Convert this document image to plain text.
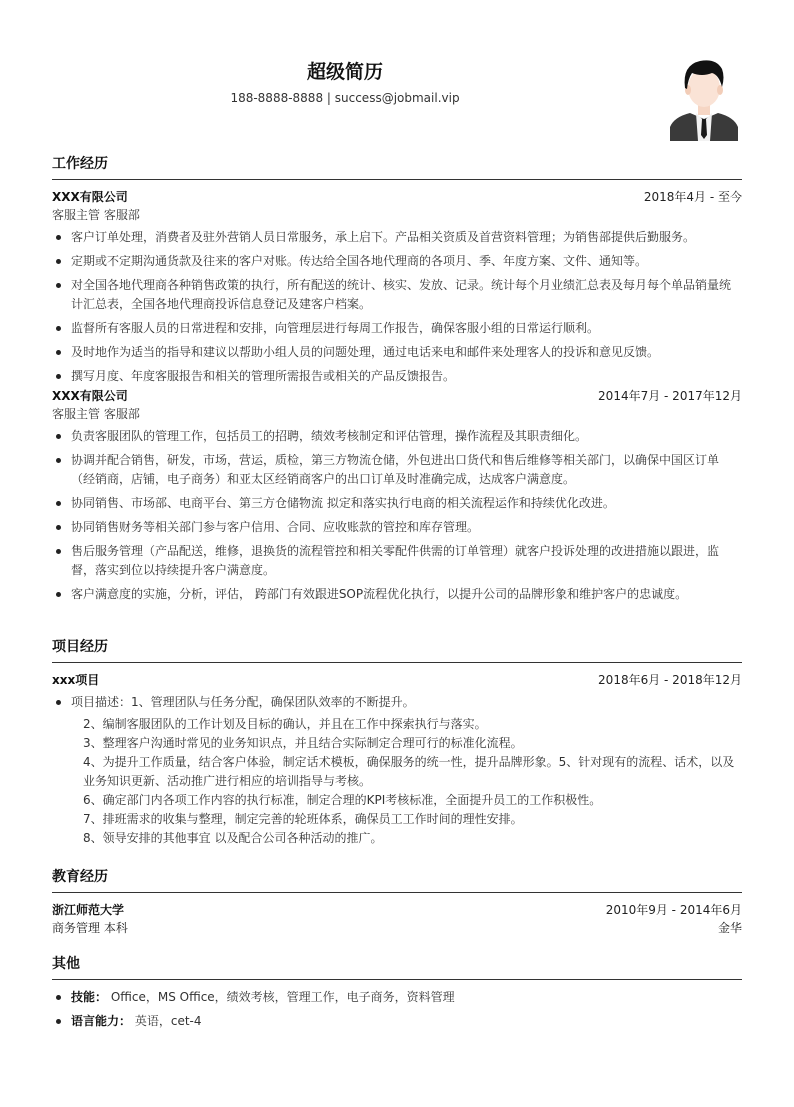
超级简历
188-8888-8888 | success@jobmail.vip
工作经历
XXX有限公司	2018年4月 - 至今
客服主管 客服部
客户订单处理，消费者及驻外营销人员日常服务，承上启下。产品相关资质及首营资料管理；为销售部提供后勤服务。
定期或不定期沟通货款及往来的客户对账。传达给全国各地代理商的各项月、季、年度方案、文件、通知等。
对全国各地代理商各种销售政策的执行，所有配送的统计、核实、发放、记录。统计每个月业绩汇总表及每月每个单品销量统计汇总表，全国各地代理商投诉信息登记及建客户档案。
监督所有客服人员的日常进程和安排，向管理层进行每周工作报告，确保客服小组的日常运行顺利。
及时地作为适当的指导和建议以帮助小组人员的问题处理，通过电话来电和邮件来处理客人的投诉和意见反馈。
撰写月度、年度客服报告和相关的管理所需报告或相关的产品反馈报告。
XXX有限公司	2014年7月 - 2017年12月
客服主管 客服部
负责客服团队的管理工作，包括员工的招聘，绩效考核制定和评估管理，操作流程及其职责细化。
协调并配合销售，研发，市场，营运，质检，第三方物流仓储，外包进出口货代和售后维修等相关部门，以确保中国区订单（经销商，店铺，电子商务）和亚太区经销商客户的出口订单及时准确完成，达成客户满意度。
协同销售、市场部、电商平台、第三方仓储物流 拟定和落实执行电商的相关流程运作和持续优化改进。
协同销售财务等相关部门参与客户信用、合同、应收账款的管控和库存管理。
售后服务管理（产品配送，维修，退换货的流程管控和相关零配件供需的订单管理）就客户投诉处理的改进措施以跟进，监督，落实到位以持续提升客户满意度。
客户满意度的实施，分析，评估， 跨部门有效跟进SOP流程优化执行，以提升公司的品牌形象和维护客户的忠诚度。
项目经历
xxx项目	2018年6月 - 2018年12月
项目描述：1、管理团队与任务分配，确保团队效率的不断提升。
2、编制客服团队的工作计划及目标的确认，并且在工作中探索执行与落实。
3、整理客户沟通时常见的业务知识点，并且结合实际制定合理可行的标准化流程。
4、为提升工作质量，结合客户体验，制定话术模板，确保服务的统一性，提升品牌形象。5、针对现有的流程、话术，以及业务知识更新、活动推广进行相应的培训指导与考核。
6、确定部门内各项工作内容的执行标准，制定合理的KPI考核标准，全面提升员工的工作积极性。
7、排班需求的收集与整理，制定完善的轮班体系，确保员工工作时间的理性安排。
8、领导安排的其他事宜 以及配合公司各种活动的推广。
教育经历
浙江师范大学	2010年9月 - 2014年6月
商务管理 本科	金华
其他
技能： Office，MS Office，绩效考核，管理工作，电子商务，资料管理
语言能力： 英语，cet-4
